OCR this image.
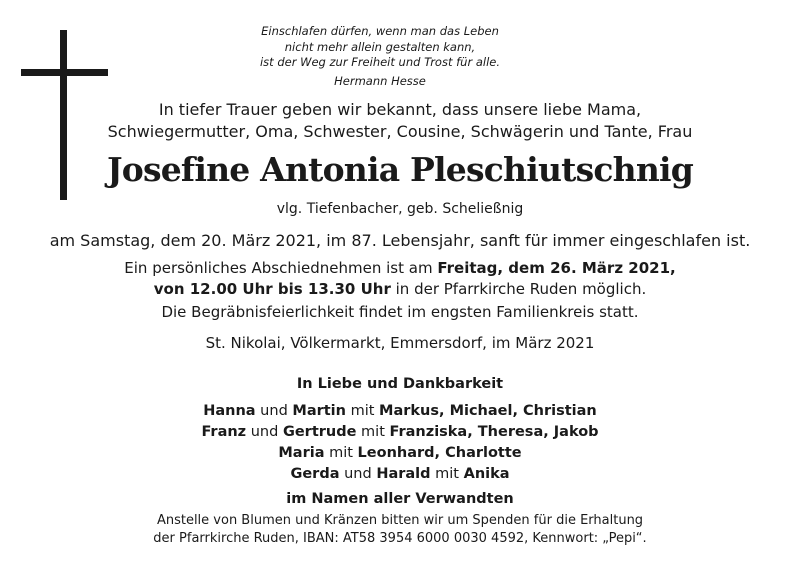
Einschlafen dürfen, wenn man das Leben
nicht mehr allein gestalten kann,
ist der Weg zur Freiheit und Trost für alle.
Hermann Hesse
In tiefer Trauer geben wir bekannt, dass unsere liebe Mama,
Schwiegermutter, Oma, Schwester, Cousine, Schwägerin und Tante, Frau
Josefine Antonia Pleschiutschnig
vlg. Tiefenbacher, geb. Scheließnig
am Samstag, dem 20. März 2021, im 87. Lebensjahr, sanft für immer eingeschlafen ist.
Ein persönliches Abschiednehmen ist am Freitag, dem 26. März 2021,
von 12.00 Uhr bis 13.30 Uhr in der Pfarrkirche Ruden möglich.
Die Begräbnisfeierlichkeit findet im engsten Familienkreis statt.
St. Nikolai, Völkermarkt, Emmersdorf, im März 2021
In Liebe und Dankbarkeit
Hanna und Martin mit Markus, Michael, Christian
Franz und Gertrude mit Franziska, Theresa, Jakob
Maria mit Leonhard, Charlotte
Gerda und Harald mit Anika
im Namen aller Verwandten
Anstelle von Blumen und Kränzen bitten wir um Spenden für die Erhaltung
der Pfarrkirche Ruden, IBAN: AT58 3954 6000 0030 4592, Kennwort: „Pepi“.
